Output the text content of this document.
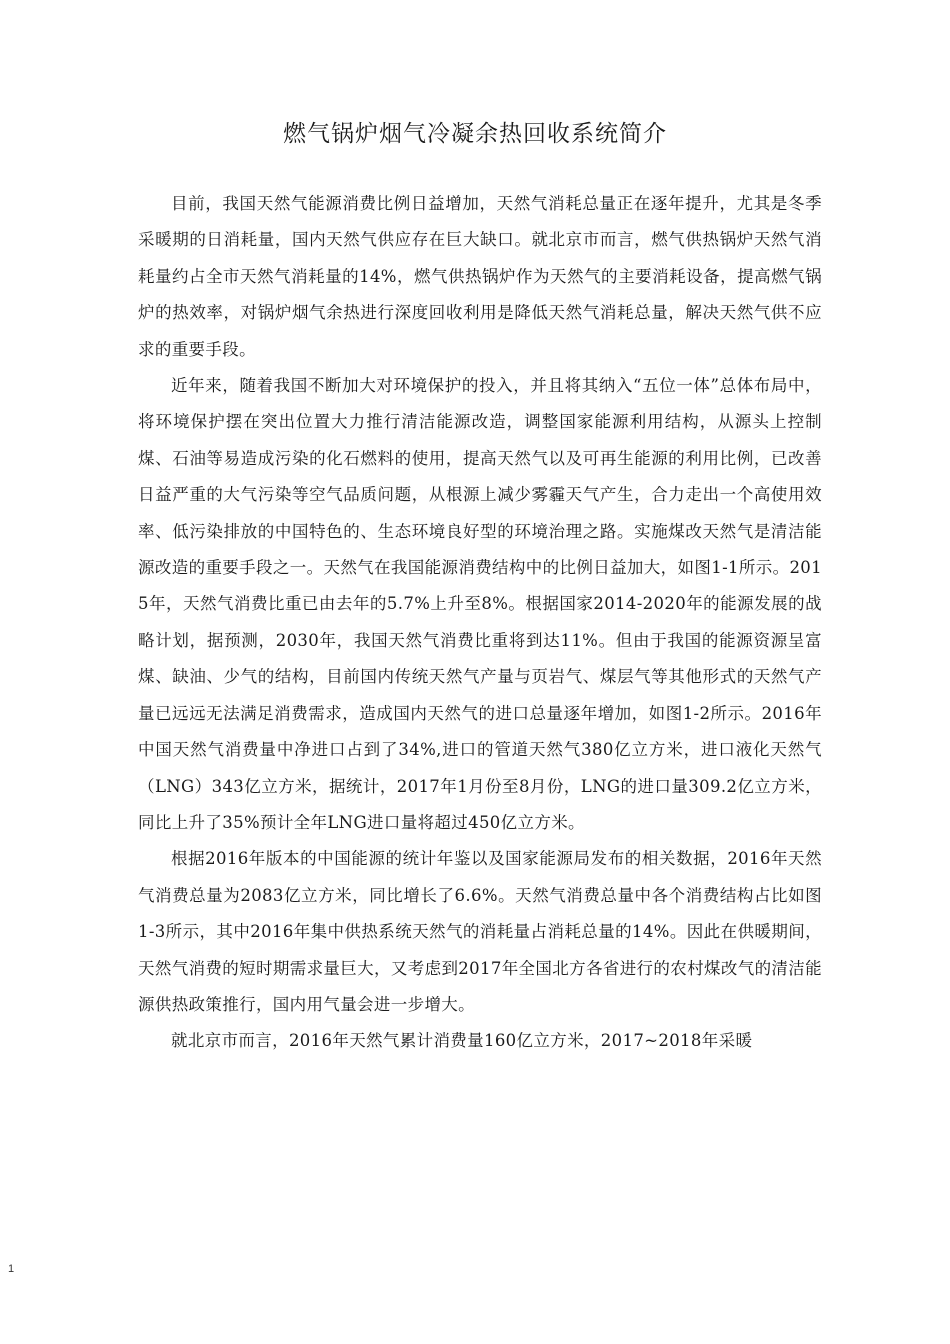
燃气锅炉烟气冷凝余热回收系统简介

目前，我国天然气能源消费比例日益增加，天然气消耗总量正在逐年提升，尤其是冬季采暖期的日消耗量，国内天然气供应存在巨大缺口。就北京市而言，燃气供热锅炉天然气消耗量约占全市天然气消耗量的14%，燃气供热锅炉作为天然气的主要消耗设备，提高燃气锅炉的热效率，对锅炉烟气余热进行深度回收利用是降低天然气消耗总量，解决天然气供不应求的重要手段。

近年来，随着我国不断加大对环境保护的投入，并且将其纳入“五位一体”总体布局中，将环境保护摆在突出位置大力推行清洁能源改造，调整国家能源利用结构，从源头上控制煤、石油等易造成污染的化石燃料的使用，提高天然气以及可再生能源的利用比例，已改善日益严重的大气污染等空气品质问题，从根源上减少雾霾天气产生，合力走出一个高使用效率、低污染排放的中国特色的、生态环境良好型的环境治理之路。实施煤改天然气是清洁能源改造的重要手段之一。天然气在我国能源消费结构中的比例日益加大，如图1-1所示。2015年，天然气消费比重已由去年的5.7%上升至8%。根据国家2014-2020年的能源发展的战略计划，据预测，2030年，我国天然气消费比重将到达11%。但由于我国的能源资源呈富煤、缺油、少气的结构，目前国内传统天然气产量与页岩气、煤层气等其他形式的天然气产量已远远无法满足消费需求，造成国内天然气的进口总量逐年增加，如图1-2所示。2016年中国天然气消费量中净进口占到了34%,进口的管道天然气380亿立方米，进口液化天然气（LNG）343亿立方米，据统计，2017年1月份至8月份，LNG的进口量309.2亿立方米，同比上升了35%预计全年LNG进口量将超过450亿立方米。

根据2016年版本的中国能源的统计年鉴以及国家能源局发布的相关数据，2016年天然气消费总量为2083亿立方米，同比增长了6.6%。天然气消费总量中各个消费结构占比如图1-3所示，其中2016年集中供热系统天然气的消耗量占消耗总量的14%。因此在供暖期间，天然气消费的短时期需求量巨大，又考虑到2017年全国北方各省进行的农村煤改气的清洁能源供热政策推行，国内用气量会进一步增大。

就北京市而言，2016年天然气累计消费量160亿立方米，2017~2018年采暖

1
